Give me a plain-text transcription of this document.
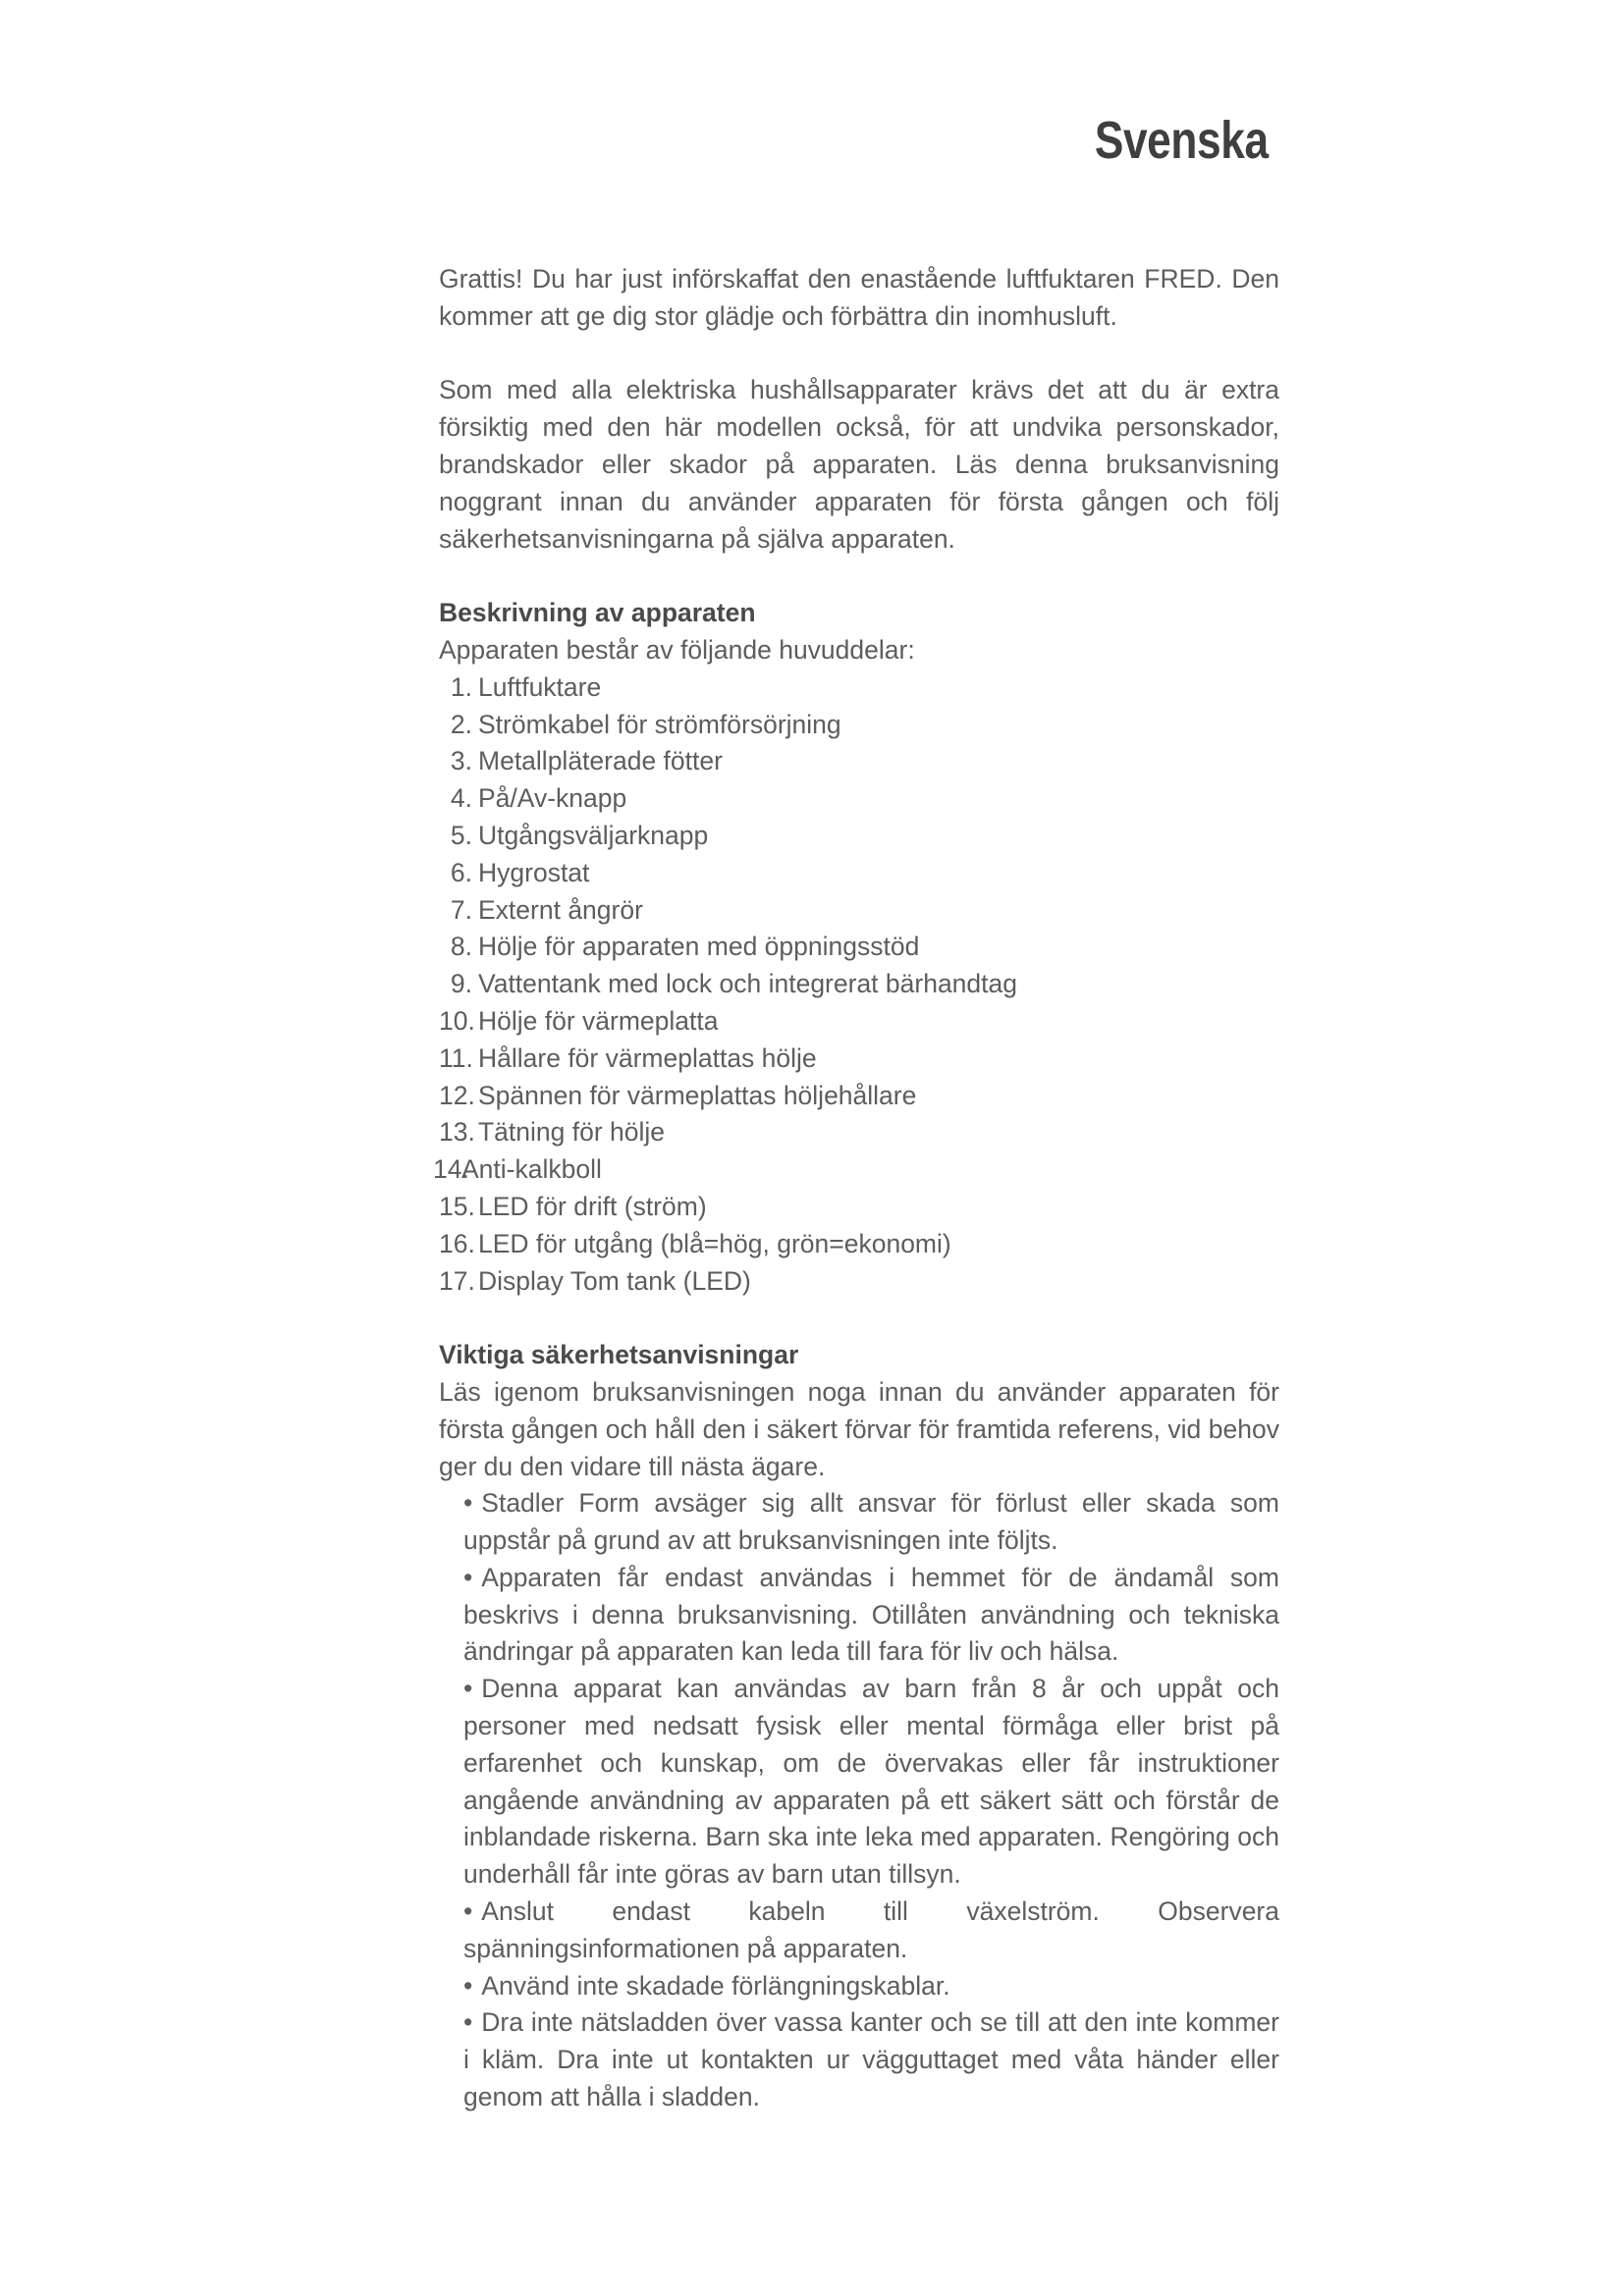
Svenska

Grattis! Du har just införskaffat den enastående luftfuktaren FRED. Den kommer att ge dig stor glädje och förbättra din inomhusluft.

Som med alla elektriska hushållsapparater krävs det att du är extra försiktig med den här modellen också, för att undvika personskador, brandskador eller skador på apparaten. Läs denna bruksanvisning noggrant innan du använder apparaten för första gången och följ säkerhetsanvisningarna på själva apparaten.

Beskrivning av apparaten
Apparaten består av följande huvuddelar:
1. Luftfuktare
2. Strömkabel för strömförsörjning
3. Metallpläterade fötter
4. På/Av-knapp
5. Utgångsväljarknapp
6. Hygrostat
7. Externt ångrör
8. Hölje för apparaten med öppningsstöd
9. Vattentank med lock och integrerat bärhandtag
10. Hölje för värmeplatta
11. Hållare för värmeplattas hölje
12. Spännen för värmeplattas höljehållare
13. Tätning för hölje
14.
Anti-kalkboll
15. LED för drift (ström)
16. LED för utgång (blå=hög, grön=ekonomi)
17. Display Tom tank (LED)
Viktiga säkerhetsanvisningar

Läs igenom bruksanvisningen noga innan du använder apparaten för första gången och håll den i säkert förvar för framtida referens, vid behov ger du den vidare till nästa ägare.

• Stadler Form avsäger sig allt ansvar för förlust eller skada som uppstår på grund av att bruksanvisningen inte följts.
• Apparaten får endast användas i hemmet för de ändamål som beskrivs i denna bruksanvisning. Otillåten användning och tekniska ändringar på apparaten kan leda till fara för liv och hälsa.
• Denna apparat kan användas av barn från 8 år och uppåt och personer med nedsatt fysisk eller mental förmåga eller brist på erfarenhet och kunskap, om de övervakas eller får instruktioner angående användning av apparaten på ett säkert sätt och förstår de inblandade riskerna. Barn ska inte leka med apparaten. Rengöring och underhåll får inte göras av barn utan tillsyn.
• Anslut endast kabeln till växelström. Observera spänningsinformationen på apparaten.
• Använd inte skadade förlängningskablar.
• Dra inte nätsladden över vassa kanter och se till att den inte kommer i kläm. Dra inte ut kontakten ur vägguttaget med våta händer eller genom att hålla i sladden.
